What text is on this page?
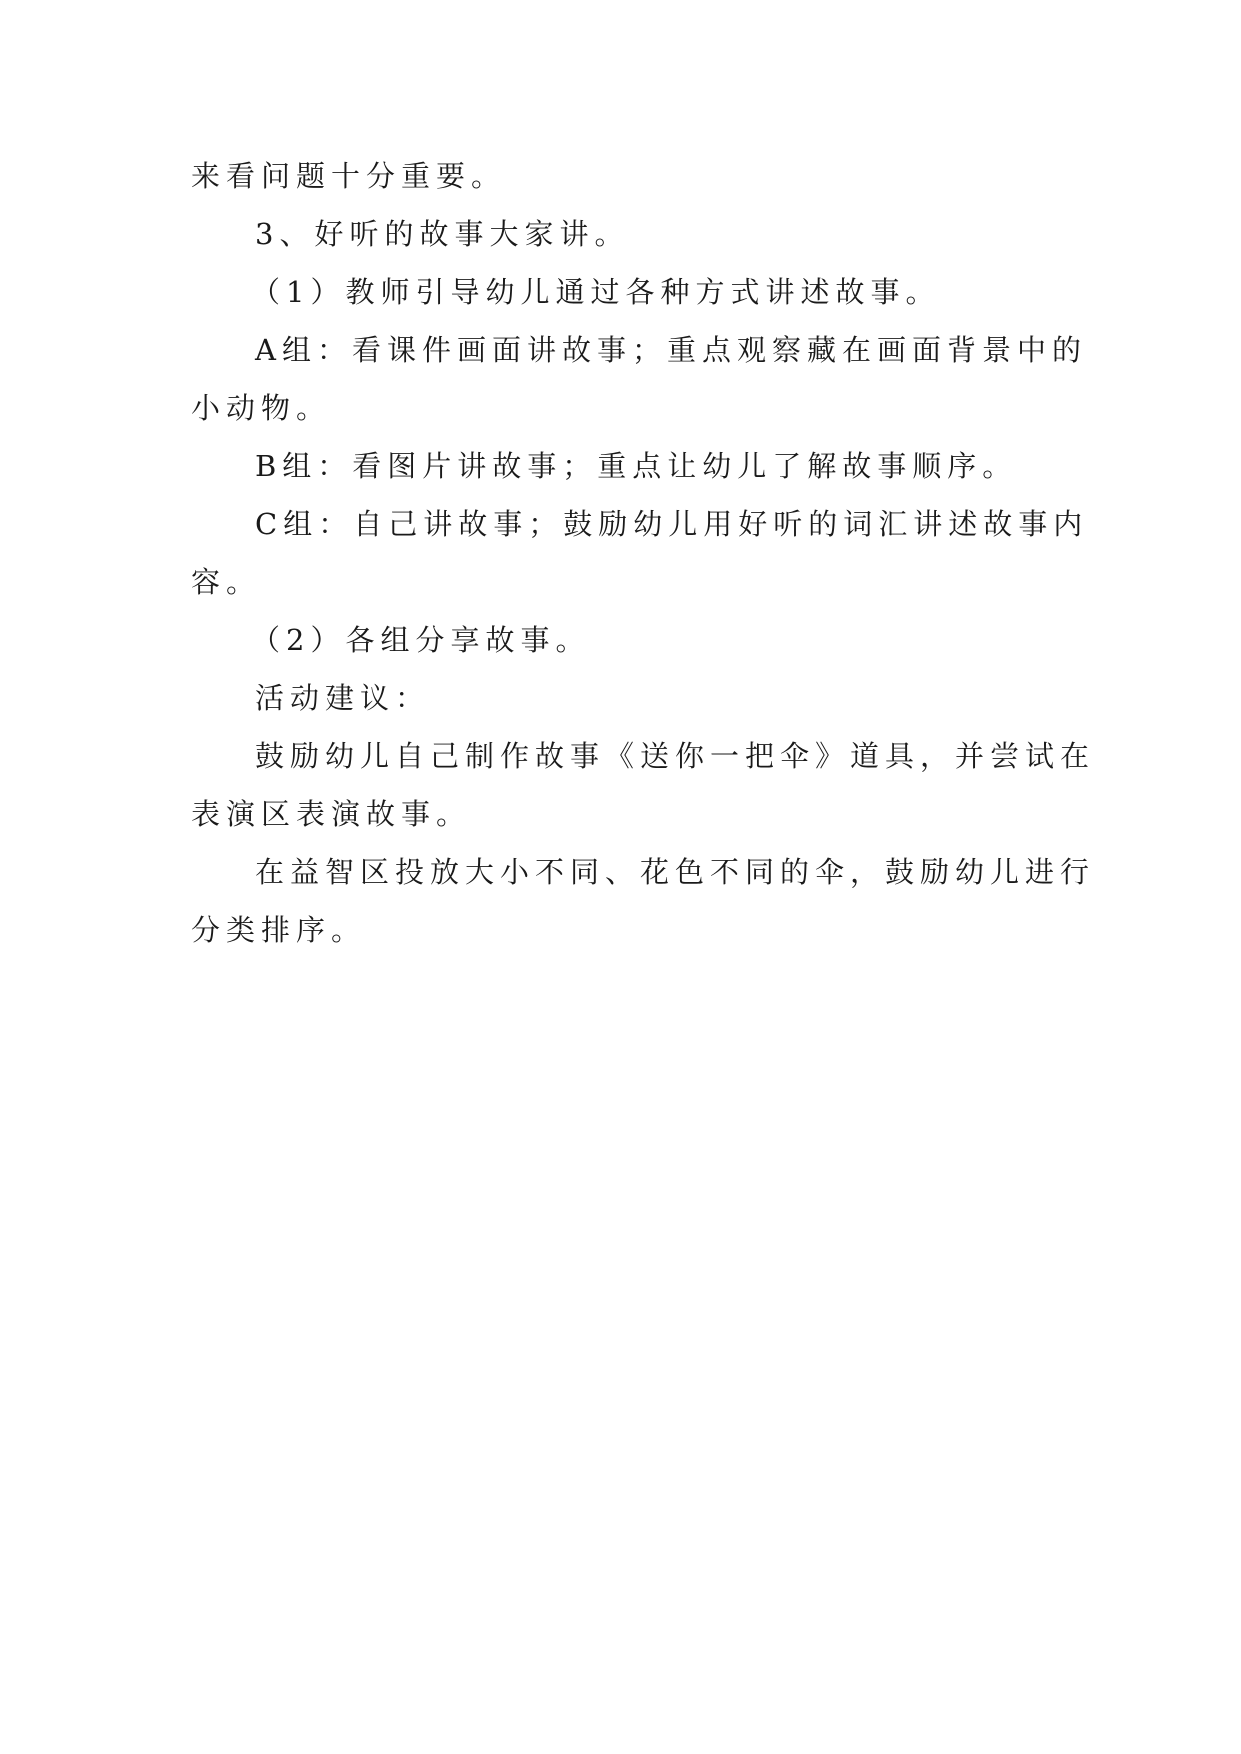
来看问题十分重要。
3、好听的故事大家讲。
（1）教师引导幼儿通过各种方式讲述故事。
A组：看课件画面讲故事；重点观察藏在画面背景中的
小动物。
B组：看图片讲故事；重点让幼儿了解故事顺序。
C组：自己讲故事；鼓励幼儿用好听的词汇讲述故事内
容。
（2）各组分享故事。
活动建议：
鼓励幼儿自己制作故事《送你一把伞》道具，并尝试在
表演区表演故事。
在益智区投放大小不同、花色不同的伞，鼓励幼儿进行
分类排序。
